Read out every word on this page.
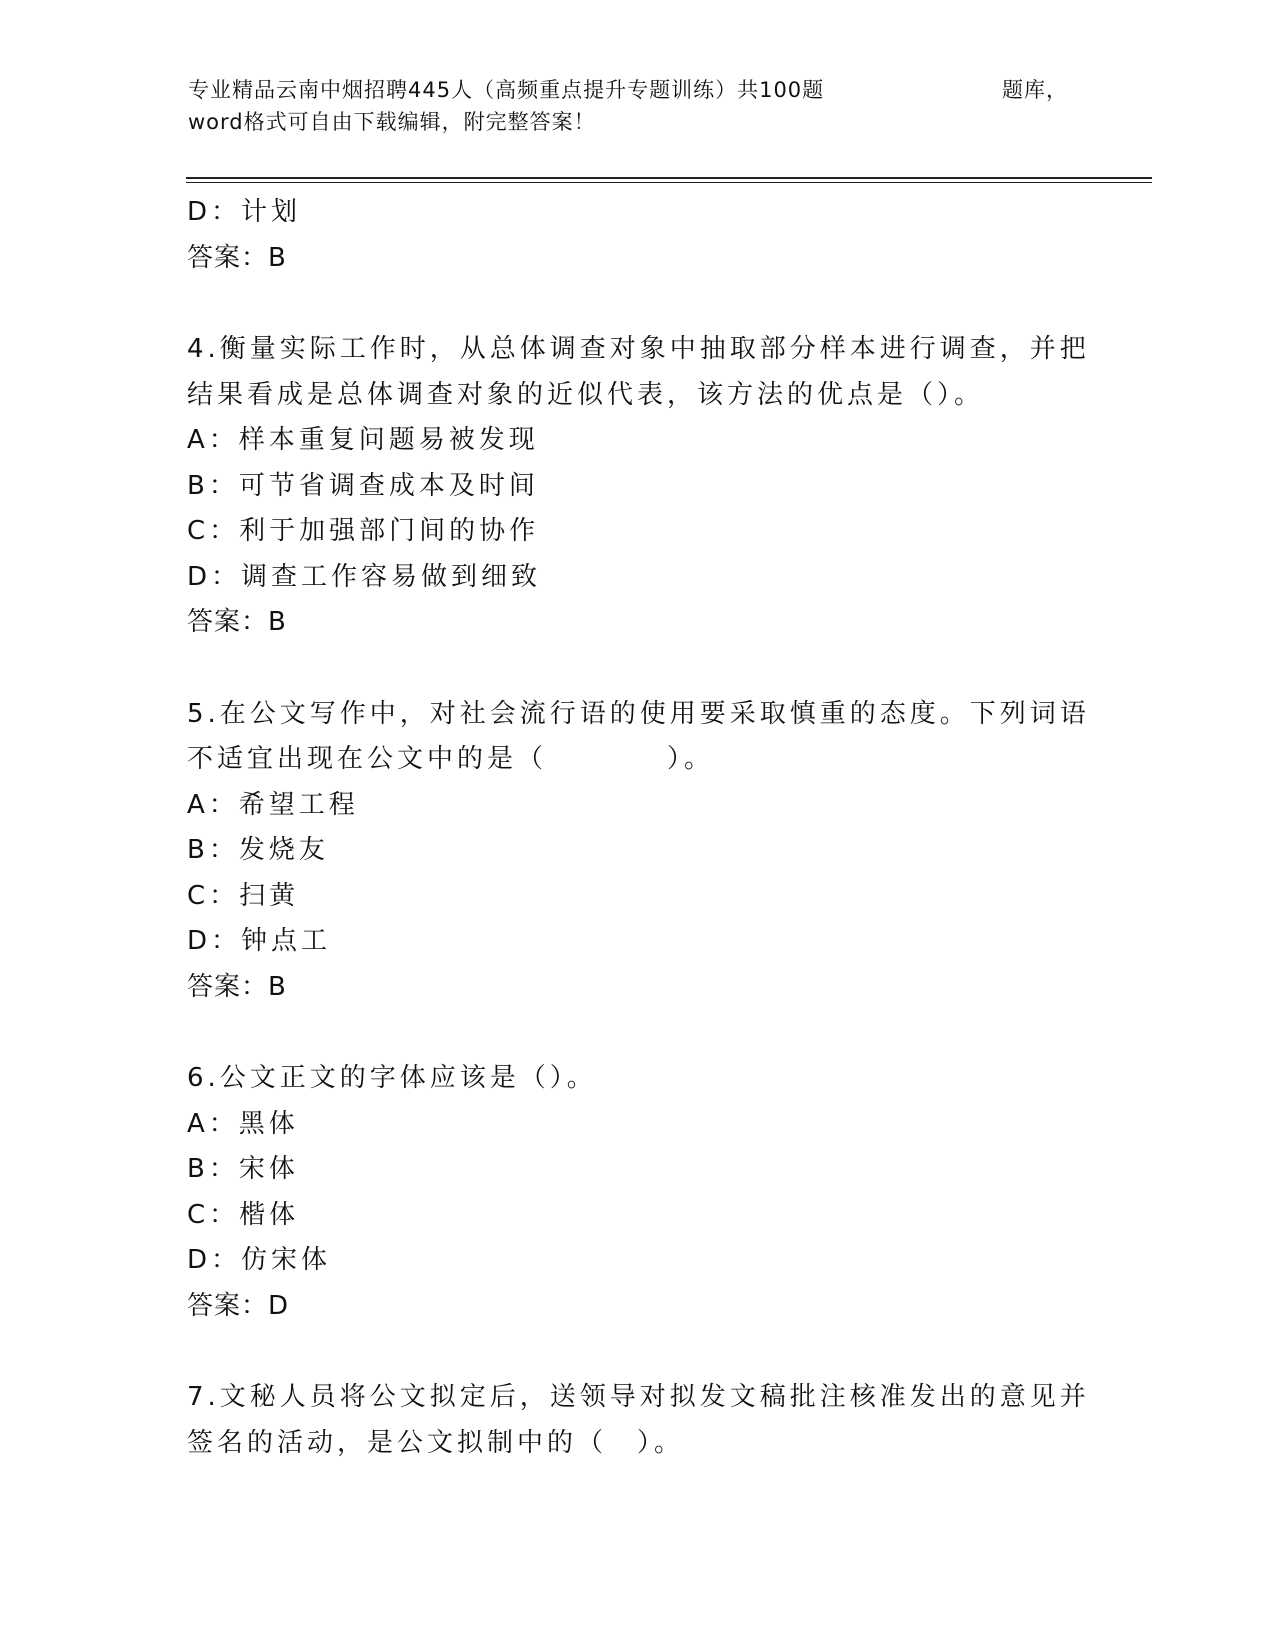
专业精品云南中烟招聘445人（高频重点提升专题训练）共100题	题库，
word格式可自由下载编辑，附完整答案！
D：计划
答案：B
4.衡量实际工作时，从总体调查对象中抽取部分样本进行调查，并把
结果看成是总体调查对象的近似代表，该方法的优点是（）。
A：样本重复问题易被发现
B：可节省调查成本及时间
C：利于加强部门间的协作
D：调查工作容易做到细致
答案：B
5.在公文写作中，对社会流行语的使用要采取慎重的态度。下列词语
不适宜出现在公文中的是（　　　　）。
A：希望工程
B：发烧友
C：扫黄
D：钟点工
答案：B
6.公文正文的字体应该是（）。
A：黑体
B：宋体
C：楷体
D：仿宋体
答案：D
7.文秘人员将公文拟定后，送领导对拟发文稿批注核准发出的意见并
签名的活动，是公文拟制中的（　）。
